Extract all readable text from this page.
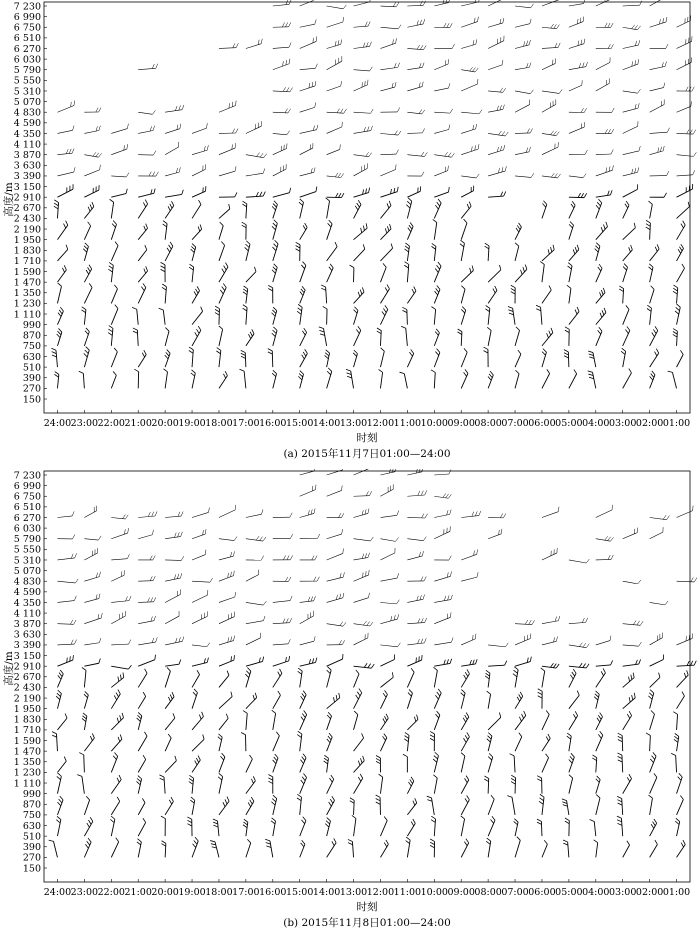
150
270
390
510
630
750
870
990
1 110
1 230
1 350
1 470
1 590
1 710
1 830
1 950
2 190
2 430
2 670
2 910
3 150
3 390
3 630
3 870
4 110
4 350
4 590
4 830
5 070
5 310
5 550
5 790
6 030
6 270
6 510
6 750
6 990
7 230
24:00 23:00 22:00 21:00 20:00 19:00 18:00 17:00 16:00 15:00 14:00 13:00 12:00 11:00 10:00 09:00 08:00 07:00 06:00 05:00 04:00 03:00 02:00 01:00
时刻
高度/m
(a) 2015年11月7日01:00—24:00
150
270
390
510
630
750
870
990
1 110
1 230
1 350
1 470
1 590
1 710
1 830
1 950
2 190
2 430
2 670
2 910
3 150
3 390
3 630
3 870
4 110
4 350
4 590
4 830
5 070
5 310
5 550
5 790
6 030
6 270
6 510
6 750
6 990
7 230
24:00 23:00 22:00 21:00 20:00 19:00 18:00 17:00 16:00 15:00 14:00 13:00 12:00 11:00 10:00 09:00 08:00 07:00 06:00 05:00 04:00 03:00 02:00 01:00
时刻
高度/m
(b) 2015年11月8日01:00—24:00
